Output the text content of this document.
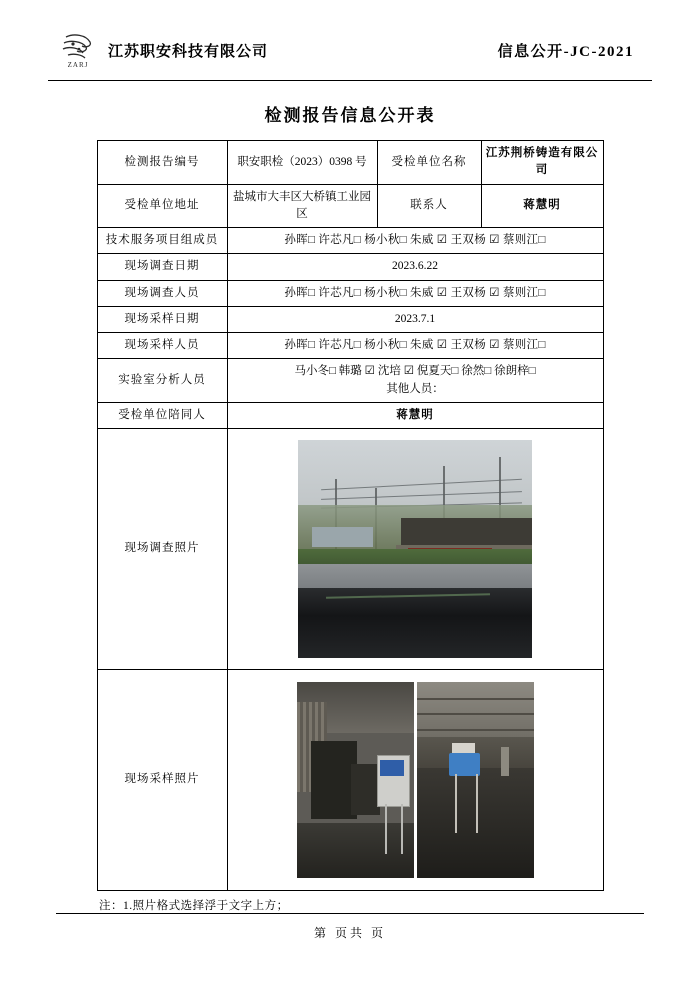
ZARJ
江苏职安科技有限公司	信息公开-JC-2021
检测报告信息公开表
检测报告编号	职安职检（2023）0398 号	受检单位名称	江苏荆桥铸造有限公司
受检单位地址	盐城市大丰区大桥镇工业园区	联系人	蒋慧明
技术服务项目组成员	孙晖□ 许芯凡□ 杨小秋□ 朱威 ☑ 王双杨 ☑ 蔡则江□		
现场调查日期	2023.6.22		
现场调查人员	孙晖□ 许芯凡□ 杨小秋□ 朱威 ☑ 王双杨 ☑ 蔡则江□		
现场采样日期	2023.7.1		
现场采样人员	孙晖□ 许芯凡□ 杨小秋□ 朱威 ☑ 王双杨 ☑ 蔡则江□		
实验室分析人员	马小冬□ 韩璐 ☑ 沈培 ☑ 倪夏天□ 徐然□ 徐朗梓□
其他人员：		

受检单位陪同人	蒋慧明		
现场调查照片			

现场采样照片			
注：1.照片格式选择浮于文字上方；
第 页共 页
